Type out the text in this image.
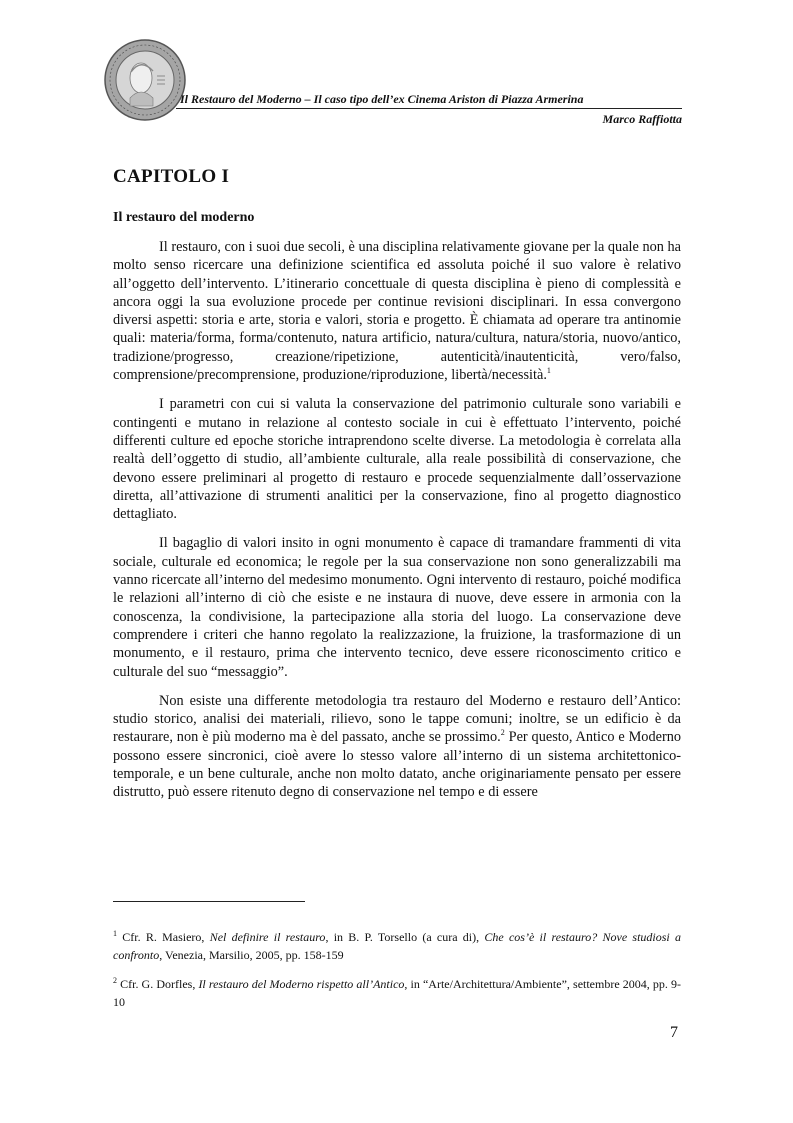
Il Restauro del Moderno – Il caso tipo dell’ex Cinema Ariston di Piazza Armerina
Marco Raffiotta
CAPITOLO I
Il restauro del moderno

Il restauro, con i suoi due secoli, è una disciplina relativamente giovane per la quale non ha molto senso ricercare una definizione scientifica ed assoluta poiché il suo valore è relativo all’oggetto dell’intervento. L’itinerario concettuale di questa disciplina è pieno di complessità e ancora oggi la sua evoluzione procede per continue revisioni disciplinari. In essa convergono diversi aspetti: storia e arte, storia e valori, storia e progetto. È chiamata ad operare tra antinomie quali: materia/forma, forma/contenuto, natura artificio, natura/cultura, natura/storia, nuovo/antico, tradizione/progresso, creazione/ripetizione, autenticità/inautenticità, vero/falso, comprensione/precomprensione, produzione/riproduzione, libertà/necessità.$^1$

I parametri con cui si valuta la conservazione del patrimonio culturale sono variabili e contingenti e mutano in relazione al contesto sociale in cui è effettuato l’intervento, poiché differenti culture ed epoche storiche intraprendono scelte diverse. La metodologia è correlata alla realtà dell’oggetto di studio, all’ambiente culturale, alla reale possibilità di conservazione, che devono essere preliminari al progetto di restauro e procede sequenzialmente dall’osservazione diretta, all’attivazione di strumenti analitici per la conservazione, fino al progetto diagnostico dettagliato.

Il bagaglio di valori insito in ogni monumento è capace di tramandare frammenti di vita sociale, culturale ed economica; le regole per la sua conservazione non sono generalizzabili ma vanno ricercate all’interno del medesimo monumento. Ogni intervento di restauro, poiché modifica le relazioni all’interno di ciò che esiste e ne instaura di nuove, deve essere in armonia con la conoscenza, la condivisione, la partecipazione alla storia del luogo. La conservazione deve comprendere i criteri che hanno regolato la realizzazione, la fruizione, la trasformazione di un monumento, e il restauro, prima che intervento tecnico, deve essere riconoscimento critico e culturale del suo “messaggio”.

Non esiste una differente metodologia tra restauro del Moderno e restauro dell’Antico: studio storico, analisi dei materiali, rilievo, sono le tappe comuni; inoltre, se un edificio è da restaurare, non è più moderno ma è del passato, anche se prossimo.$^2$ Per questo, Antico e Moderno possono essere sincronici, cioè avere lo stesso valore all’interno di un sistema architettonico-temporale, e un bene culturale, anche non molto datato, anche originariamente pensato per essere distrutto, può essere ritenuto degno di conservazione nel tempo e di essere

$^1$ Cfr. R. Masiero, Nel definire il restauro, in B. P. Torsello (a cura di), Che cos’è il restauro? Nove studiosi a confronto, Venezia, Marsilio, 2005, pp. 158-159

$^2$ Cfr. G. Dorfles, Il restauro del Moderno rispetto all’Antico, in “Arte/Architettura/Ambiente”, settembre 2004, pp. 9-10

7
